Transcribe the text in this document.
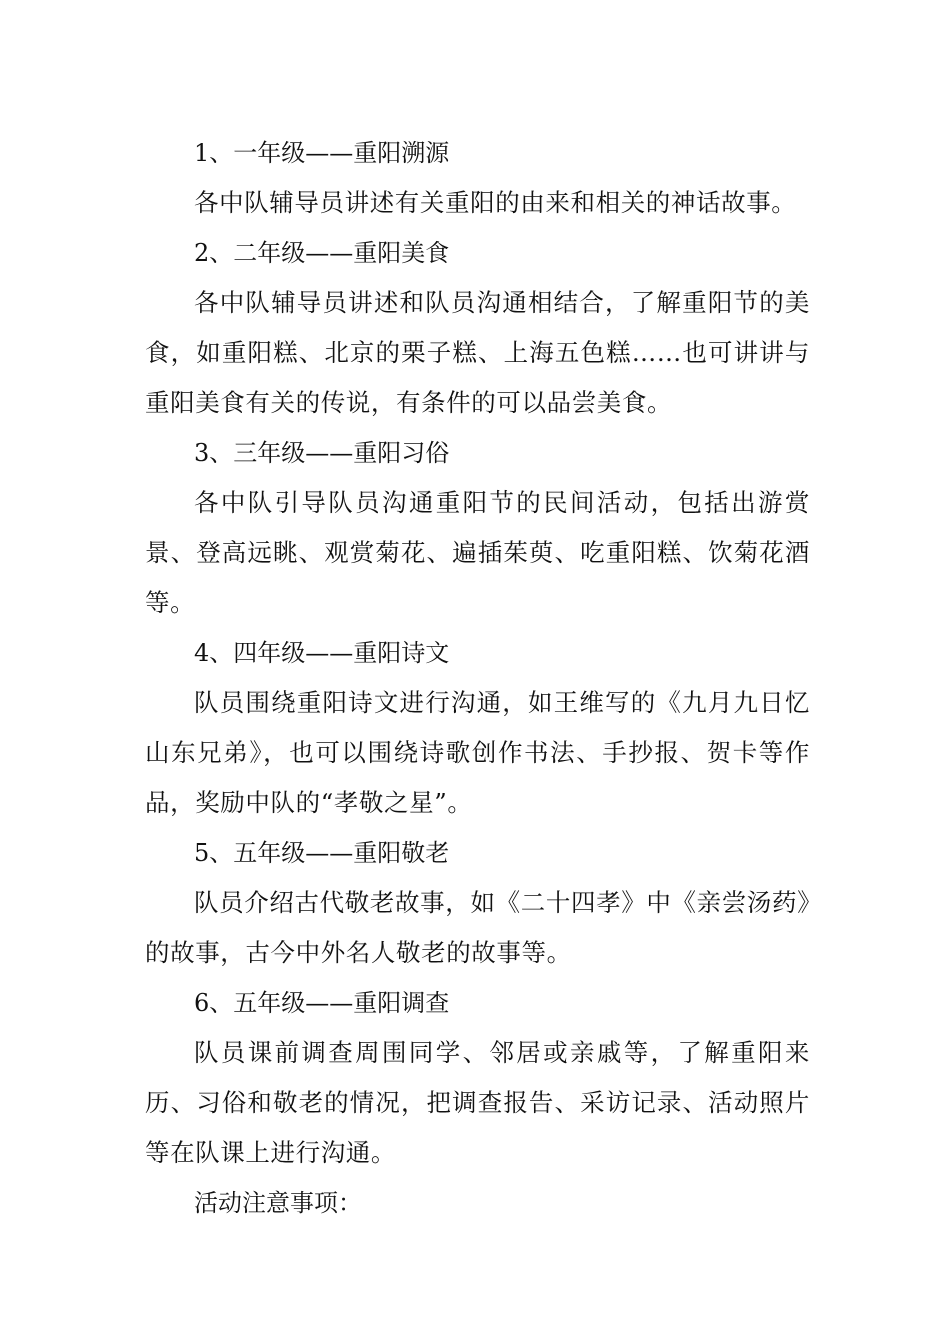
1、一年级——重阳溯源

各中队辅导员讲述有关重阳的由来和相关的神话故事。

2、二年级——重阳美食

各中队辅导员讲述和队员沟通相结合，了解重阳节的美食，如重阳糕、北京的栗子糕、上海五色糕……也可讲讲与重阳美食有关的传说，有条件的可以品尝美食。

3、三年级——重阳习俗

各中队引导队员沟通重阳节的民间活动，包括出游赏景、登高远眺、观赏菊花、遍插茱萸、吃重阳糕、饮菊花酒等。

4、四年级——重阳诗文

队员围绕重阳诗文进行沟通，如王维写的《九月九日忆山东兄弟》，也可以围绕诗歌创作书法、手抄报、贺卡等作品，奖励中队的“孝敬之星”。

5、五年级——重阳敬老

队员介绍古代敬老故事，如《二十四孝》中《亲尝汤药》的故事，古今中外名人敬老的故事等。

6、五年级——重阳调查

队员课前调查周围同学、邻居或亲戚等，了解重阳来历、习俗和敬老的情况，把调查报告、采访记录、活动照片等在队课上进行沟通。

活动注意事项：
